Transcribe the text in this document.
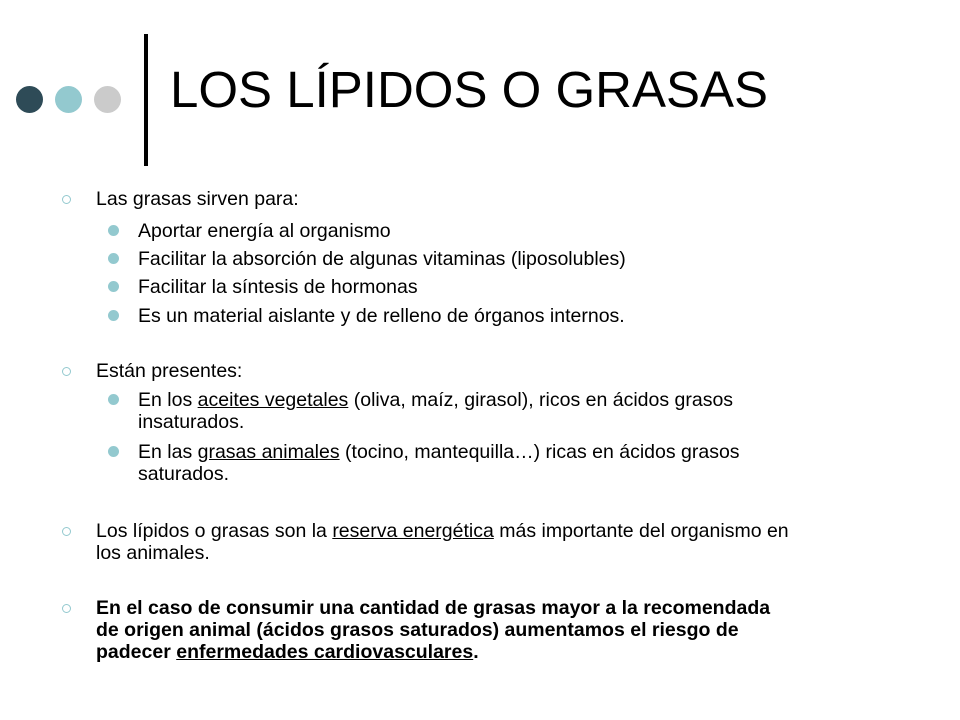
LOS LÍPIDOS O GRASAS
Las grasas sirven para:
Aportar energía al organismo
Facilitar la absorción de algunas vitaminas (liposolubles)
Facilitar la síntesis de hormonas
Es un material aislante y de relleno de órganos internos.
Están presentes:
En los aceites vegetales (oliva, maíz, girasol), ricos en ácidos grasos
insaturados.
En las grasas animales (tocino, mantequilla…) ricas en ácidos grasos
saturados.
Los lípidos o grasas son la reserva energética más importante del organismo en
los animales.
En el caso de consumir una cantidad de grasas mayor a la recomendada
de origen animal (ácidos grasos saturados) aumentamos el riesgo de
padecer enfermedades cardiovasculares.
